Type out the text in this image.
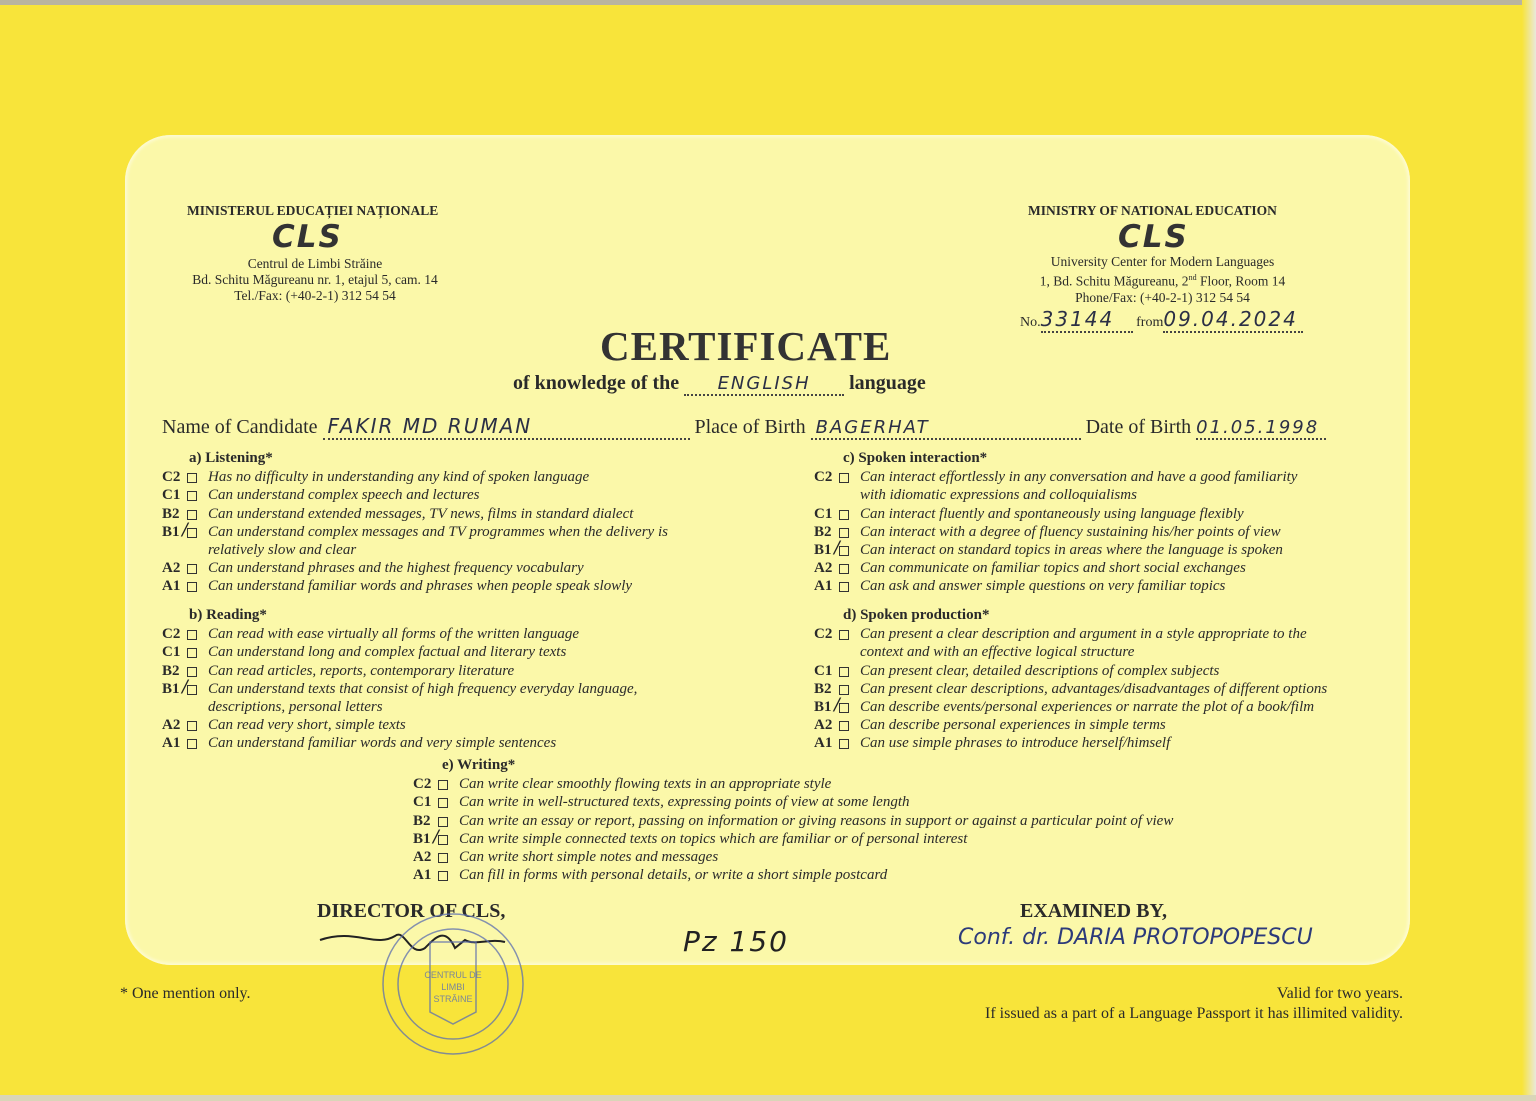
MINISTERUL EDUCAȚIEI NAȚIONALE
CLS
Centrul de Limbi Străine
Bd. Schitu Măgureanu nr. 1, etajul 5, cam. 14
Tel./Fax: (+40-2-1) 312 54 54
MINISTRY OF NATIONAL EDUCATION
CLS
University Center for Modern Languages
1, Bd. Schitu Măgureanu, 2nd Floor, Room 14
Phone/Fax: (+40-2-1) 312 54 54
No.33144 from09.04.2024
CERTIFICATE
of knowledge of the ENGLISH language
Name of Candidate FAKIR MD RUMAN	Place of Birth BAGERHAT	Date of Birth 01.05.1998
a) Listening*
C2 Has no difficulty in understanding any kind of spoken language
C1 Can understand complex speech and lectures
B2 Can understand extended messages, TV news, films in standard dialect
B1 / Can understand complex messages and TV programmes when the delivery is
relatively slow and clear
A2 Can understand phrases and the highest frequency vocabulary
A1 Can understand familiar words and phrases when people speak slowly
b) Reading*
C2 Can read with ease virtually all forms of the written language
C1 Can understand long and complex factual and literary texts
B2 Can read articles, reports, contemporary literature
B1 / Can understand texts that consist of high frequency everyday language,
descriptions, personal letters
A2 Can read very short, simple texts
A1 Can understand familiar words and very simple sentences
c) Spoken interaction*
C2 Can interact effortlessly in any conversation and have a good familiarity
with idiomatic expressions and colloquialisms
C1 Can interact fluently and spontaneously using language flexibly
B2 Can interact with a degree of fluency sustaining his/her points of view
B1 / Can interact on standard topics in areas where the language is spoken
A2 Can communicate on familiar topics and short social exchanges
A1 Can ask and answer simple questions on very familiar topics
d) Spoken production*
C2 Can present a clear description and argument in a style appropriate to the
context and with an effective logical structure
C1 Can present clear, detailed descriptions of complex subjects
B2 Can present clear descriptions, advantages/disadvantages of different options
B1 / Can describe events/personal experiences or narrate the plot of a book/film
A2 Can describe personal experiences in simple terms
A1 Can use simple phrases to introduce herself/himself
e) Writing*
C2 Can write clear smoothly flowing texts in an appropriate style
C1 Can write in well-structured texts, expressing points of view at some length
B2 Can write an essay or report, passing on information or giving reasons in support or against a particular point of view
B1 / Can write simple connected texts on topics which are familiar or of personal interest
A2 Can write short simple notes and messages
A1 Can fill in forms with personal details, or write a short simple postcard
DIRECTOR OF CLS,
Pz 150
EXAMINED BY,
Conf. dr. DARIA PROTOPOPESCU
CENTRUL DE
LIMBI
STRĂINE
* One mention only.	Valid for two years.
If issued as a part of a Language Passport it has illimited validity.
